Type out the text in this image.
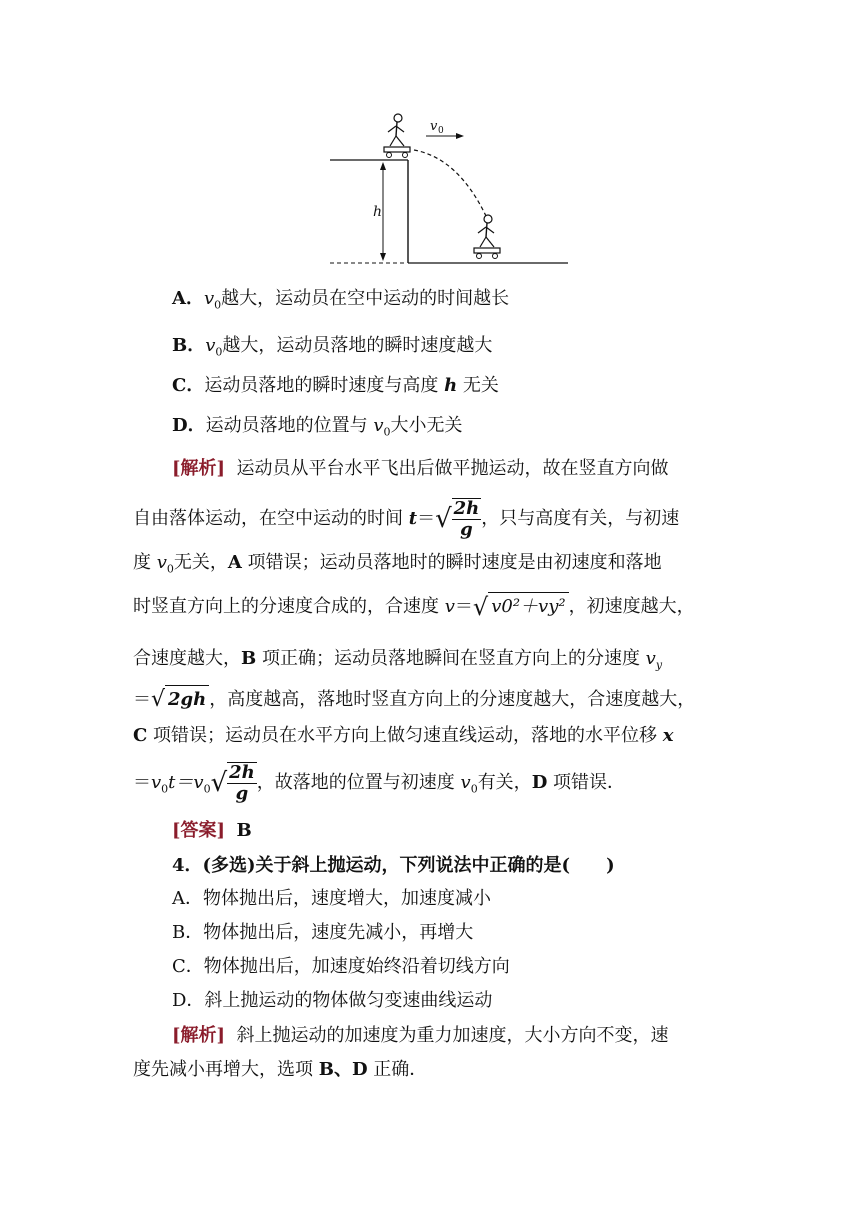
v 0
h
A．$v_0$越大，运动员在空中运动的时间越长
B．$v_0$越大，运动员落地的瞬时速度越大
C．运动员落地的瞬时速度与高度 h 无关
D．运动员落地的位置与 $v_0$大小无关
[解析] 运动员从平台水平飞出后做平抛运动，故在竖直方向做
自由落体运动，在空中运动的时间 $t=√ \frac{2h}{g}$ ，只与高度有关，与初速
度 $v_0$无关，A 项错误；运动员落地时的瞬时速度是由初速度和落地
时竖直方向上的分速度合成的，合速度 v＝√ v0²＋vy² ，初速度越大，
合速度越大，B 项正确；运动员落地瞬间在竖直方向上的分速度 $v_y$
＝√ 2gh ，高度越高，落地时竖直方向上的分速度越大，合速度越大，
C 项错误；运动员在水平方向上做匀速直线运动，落地的水平位移 x
$=v_0t=v_0√ \frac{2h}{g}$ ，故落地的位置与初速度 $v_0$有关，D 项错误．
[答案] B
4．(多选)关于斜上抛运动，下列说法中正确的是(　　)
A．物体抛出后，速度增大，加速度减小
B．物体抛出后，速度先减小，再增大
C．物体抛出后，加速度始终沿着切线方向
D．斜上抛运动的物体做匀变速曲线运动
[解析] 斜上抛运动的加速度为重力加速度，大小方向不变，速
度先减小再增大，选项 B、D 正确．
